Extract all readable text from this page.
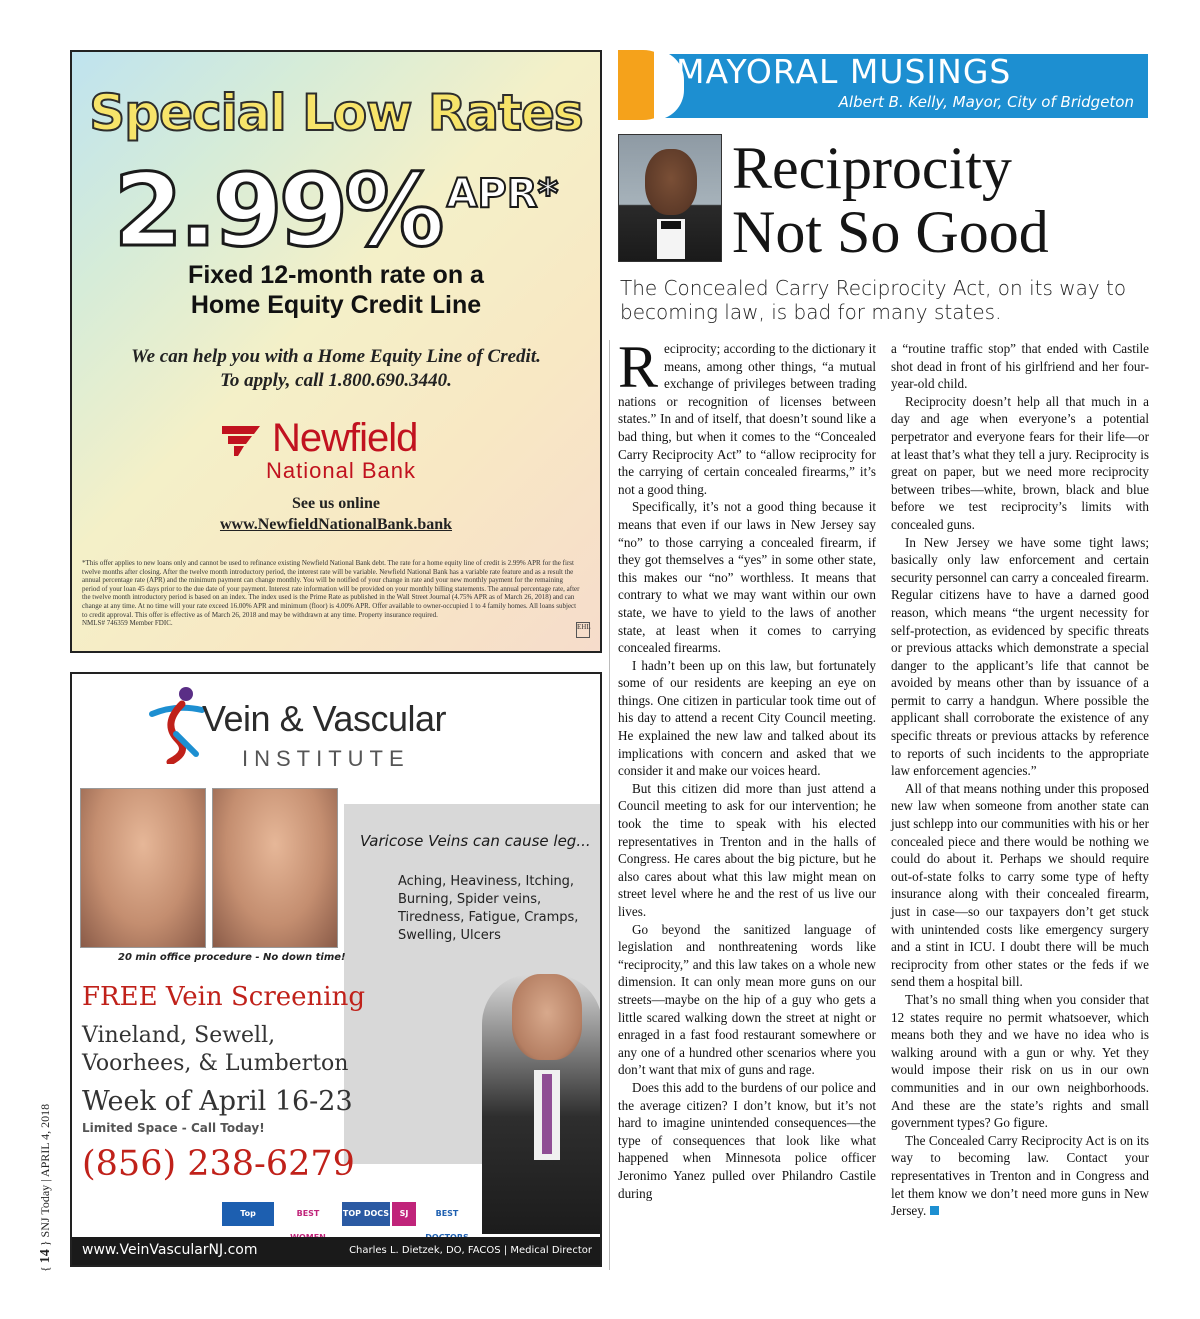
Special Low Rates
2.99% APR*
Fixed 12-month rate on a
Home Equity Credit Line
We can help you with a Home Equity Line of Credit.
To apply, call 1.800.690.3440.
Newfield
National Bank
See us online
www.NewfieldNationalBank.bank
*This offer applies to new loans only and cannot be used to refinance existing Newfield National Bank debt. The rate for a home equity line of credit is 2.99% APR for the first twelve months after closing. After the twelve month introductory period, the interest rate will be variable. Newfield National Bank has a variable rate feature and as a result the annual percentage rate (APR) and the minimum payment can change monthly. You will be notified of your change in rate and your new monthly payment for the remaining period of your loan 45 days prior to the due date of your payment. Interest rate information will be provided on your monthly billing statements. The annual percentage rate, after the twelve month introductory period is based on an index. The index used is the Prime Rate as published in the Wall Street Journal (4.75% APR as of March 26, 2018) and can change at any time. At no time will your rate exceed 16.00% APR and minimum (floor) is 4.00% APR. Offer available to owner-occupied 1 to 4 family homes. All loans subject to credit approval. This offer is effective as of March 26, 2018 and may be withdrawn at any time. Property insurance required.
NMLS# 746359 Member FDIC.	EHL
Vein & Vascular
INSTITUTE
Varicose Veins can cause leg...
Aching, Heaviness, Itching, Burning, Spider veins, Tiredness, Fatigue, Cramps, Swelling, Ulcers
20 min office procedure - No down time!
FREE Vein Screening
Vineland, Sewell,
Voorhees, & Lumberton
Week of April 16-23
Limited Space - Call Today!
(856) 238-6279
Top	BEST	TOP DOCS	SJ	BEST
www.VeinVascularNJ.com	Charles L. Dietzek, DO, FACOS | Medical Director
{ 14 } SNJ Today | APRIL 4, 2018
MAYORAL MUSINGS
Albert B. Kelly, Mayor, City of Bridgeton
Reciprocity
Not So Good
The Concealed Carry Reciprocity Act, on its way to becoming law, is bad for many states.

Reciprocity; according to the dictionary it means, among other things, “a mutual exchange of privileges between trading nations or recognition of licenses between states.” In and of itself, that doesn’t sound like a bad thing, but when it comes to the “Concealed Carry Reciprocity Act” to “allow reciprocity for the carrying of certain concealed firearms,” it’s not a good thing.

Specifically, it’s not a good thing because it means that even if our laws in New Jersey say “no” to those carrying a concealed firearm, if they got themselves a “yes” in some other state, this makes our “no” worthless. It means that contrary to what we may want within our own state, we have to yield to the laws of another state, at least when it comes to carrying concealed firearms.

I hadn’t been up on this law, but fortunately some of our residents are keeping an eye on things. One citizen in particular took time out of his day to attend a recent City Council meeting. He explained the new law and talked about its implications with concern and asked that we consider it and make our voices heard.

But this citizen did more than just attend a Council meeting to ask for our intervention; he took the time to speak with his elected representatives in Trenton and in the halls of Congress. He cares about the big picture, but he also cares about what this law might mean on street level where he and the rest of us live our lives.

Go beyond the sanitized language of legislation and nonthreatening words like “reciprocity,” and this law takes on a whole new dimension. It can only mean more guns on our streets—maybe on the hip of a guy who gets a little scared walking down the street at night or enraged in a fast food restaurant somewhere or any one of a hundred other scenarios where you don’t want that mix of guns and rage.

Does this add to the burdens of our police and the average citizen? I don’t know, but it’s not hard to imagine unintended consequences—the type of consequences that look like what happened when Minnesota police officer Jeronimo Yanez pulled over Philandro Castile during

a “routine traffic stop” that ended with Castile shot dead in front of his girlfriend and her four-year-old child.

Reciprocity doesn’t help all that much in a day and age when everyone’s a potential perpetrator and everyone fears for their life—or at least that’s what they tell a jury. Reciprocity is great on paper, but we need more reciprocity between tribes—white, brown, black and blue before we test reciprocity’s limits with concealed guns.

In New Jersey we have some tight laws; basically only law enforcement and certain security personnel can carry a concealed firearm. Regular citizens have to have a darned good reason, which means “the urgent necessity for self-protection, as evidenced by specific threats or previous attacks which demonstrate a special danger to the applicant’s life that cannot be avoided by means other than by issuance of a permit to carry a handgun. Where possible the applicant shall corroborate the existence of any specific threats or previous attacks by reference to reports of such incidents to the appropriate law enforcement agencies.”

All of that means nothing under this proposed new law when someone from another state can just schlepp into our communities with his or her concealed piece and there would be nothing we could do about it. Perhaps we should require out-of-state folks to carry some type of hefty insurance along with their concealed firearm, just in case—so our taxpayers don’t get stuck with unintended costs like emergency surgery and a stint in ICU. I doubt there will be much reciprocity from other states or the feds if we send them a hospital bill.

That’s no small thing when you consider that 12 states require no permit whatsoever, which means both they and we have no idea who is walking around with a gun or why. Yet they would impose their risk on us in our own communities and in our own neighborhoods. And these are the state’s rights and small government types? Go figure.

The Concealed Carry Reciprocity Act is on its way to becoming law. Contact your representatives in Trenton and in Congress and let them know we don’t need more guns in New Jersey.
